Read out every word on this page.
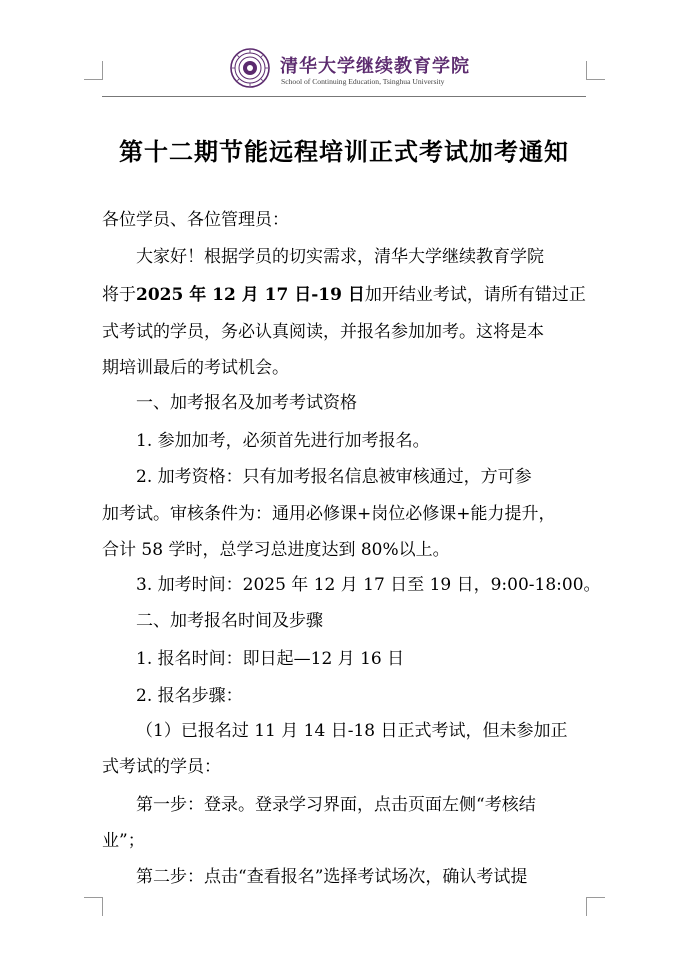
清华大学继续教育学院
School of Continuing Education, Tsinghua University
第十二期节能远程培训正式考试加考通知
各位学员、各位管理员：
大家好！根据学员的切实需求，清华大学继续教育学院
将于2025 年 12 月 17 日-19 日加开结业考试，请所有错过正
式考试的学员，务必认真阅读，并报名参加加考。这将是本
期培训最后的考试机会。
一、加考报名及加考考试资格
1. 参加加考，必须首先进行加考报名。
2. 加考资格：只有加考报名信息被审核通过，方可参
加考试。审核条件为：通用必修课+岗位必修课+能力提升，
合计 58 学时，总学习总进度达到 80%以上。
3. 加考时间：2025 年 12 月 17 日至 19 日，9:00-18:00。
二、加考报名时间及步骤
1. 报名时间：即日起—12 月 16 日
2. 报名步骤：
（1）已报名过 11 月 14 日-18 日正式考试，但未参加正
式考试的学员：
第一步：登录。登录学习界面，点击页面左侧“考核结
业”；
第二步：点击“查看报名”选择考试场次，确认考试提
